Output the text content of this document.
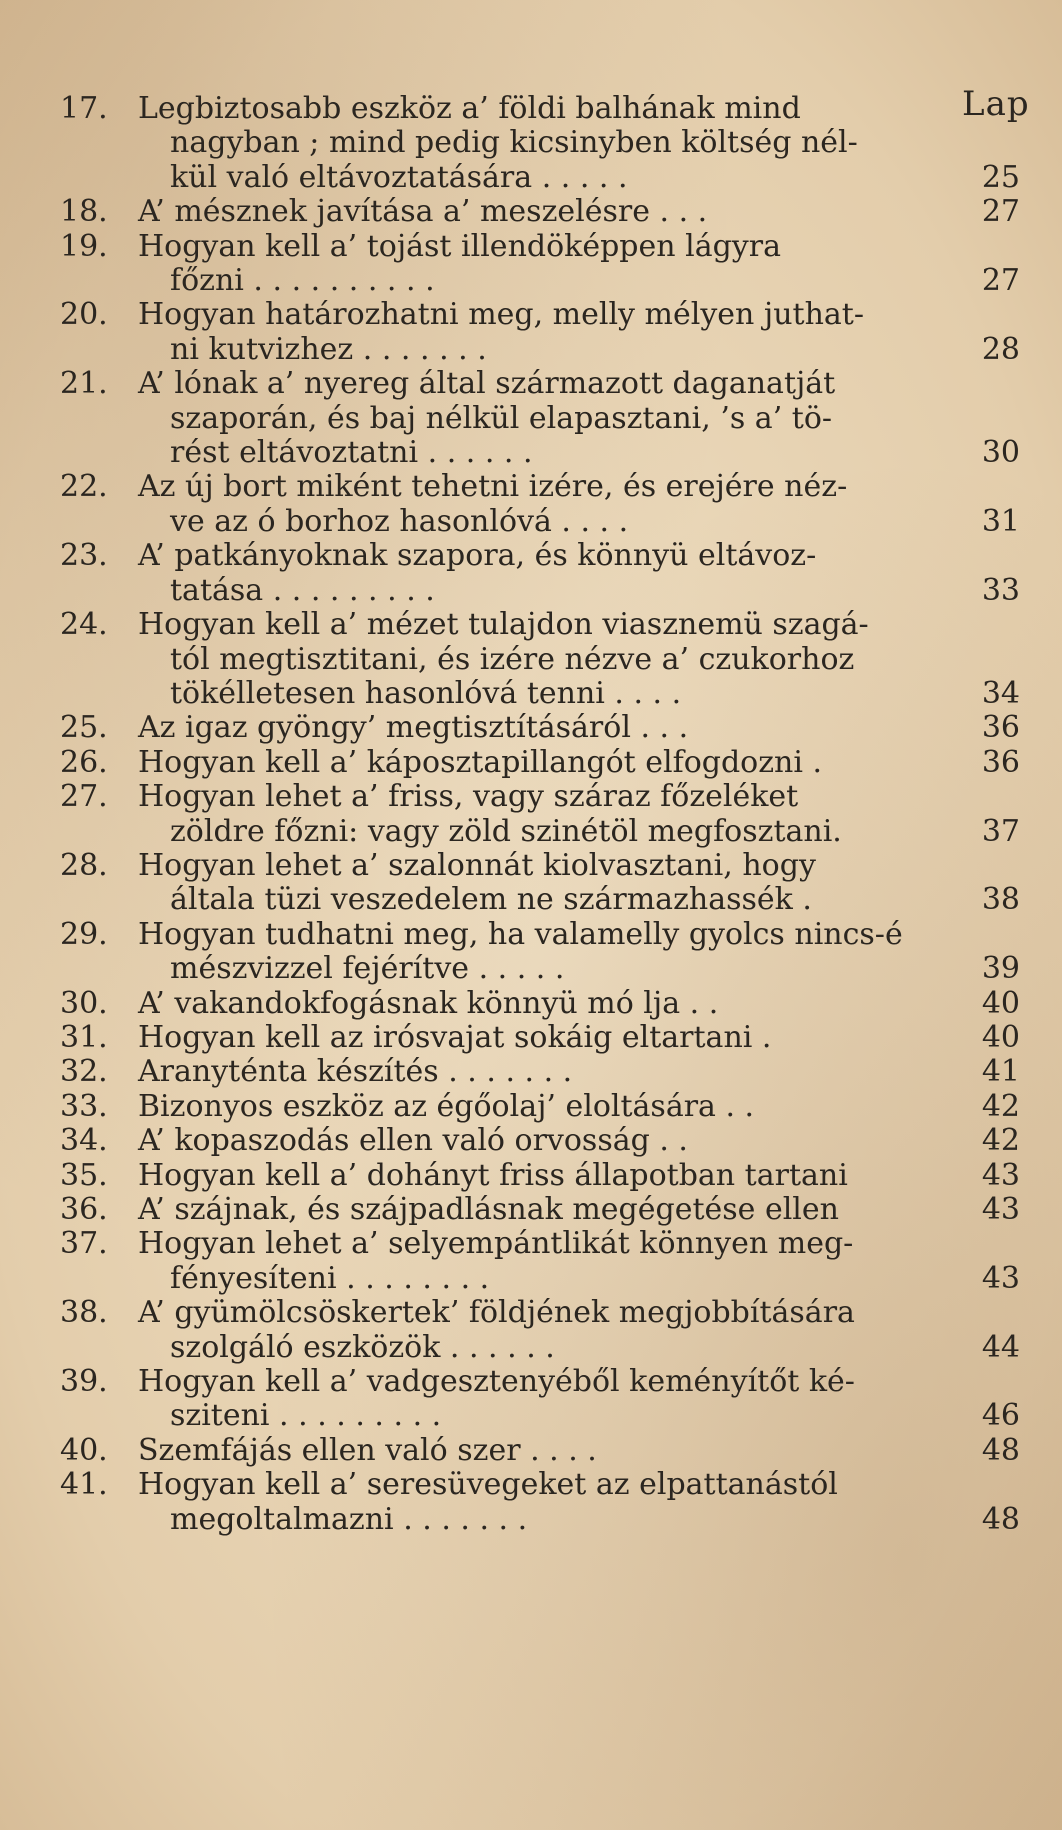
Lap
17.	Legbiztosabb eszköz a’ földi balhának mind
nagyban ; mind pedig kicsinyben költség nél-
kül való eltávoztatására . . . . .	25
18.	A’ mésznek javítása a’ meszelésre . . .	27
19.	Hogyan kell a’ tojást illendöképpen lágyra
főzni . . . . . . . . . .	27
20.	Hogyan határozhatni meg, melly mélyen juthat-
ni kutvizhez . . . . . . .	28
21.	A’ lónak a’ nyereg által származott daganatját
szaporán, és baj nélkül elapasztani, ’s a’ tö-
rést eltávoztatni . . . . . .	30
22.	Az új bort miként tehetni izére, és erejére néz-
ve az ó borhoz hasonlóvá . . . .	31
23.	A’ patkányoknak szapora, és könnyü eltávoz-
tatása . . . . . . . . .	33
24.	Hogyan kell a’ mézet tulajdon viasznemü szagá-
tól megtisztitani, és izére nézve a’ czukorhoz
tökélletesen hasonlóvá tenni . . . .	34
25.	Az igaz gyöngy’ megtisztításáról . . .	36
26.	Hogyan kell a’ káposztapillangót elfogdozni .	36
27.	Hogyan lehet a’ friss, vagy száraz főzeléket
zöldre főzni: vagy zöld szinétöl megfosztani.	37
28.	Hogyan lehet a’ szalonnát kiolvasztani, hogy
általa tüzi veszedelem ne származhassék .	38
29.	Hogyan tudhatni meg, ha valamelly gyolcs nincs-é
mészvizzel fejérítve . . . . .	39
30.	A’ vakandokfogásnak könnyü mó lja . .	40
31.	Hogyan kell az irósvajat sokáig eltartani .	40
32.	Aranyténta készítés . . . . . . .	41
33.	Bizonyos eszköz az égőolaj’ eloltására . .	42
34.	A’ kopaszodás ellen való orvosság . .	42
35.	Hogyan kell a’ dohányt friss állapotban tartani	43
36.	A’ szájnak, és szájpadlásnak megégetése ellen	43
37.	Hogyan lehet a’ selyempántlikát könnyen meg-
fényesíteni . . . . . . . .	43
38.	A’ gyümölcsöskertek’ földjének megjobbítására
szolgáló eszközök . . . . . .	44
39.	Hogyan kell a’ vadgesztenyéből keményítőt ké-
sziteni . . . . . . . . .	46
40.	Szemfájás ellen való szer . . . .	48
41.	Hogyan kell a’ seresüvegeket az elpattanástól
megoltalmazni . . . . . . .	48
